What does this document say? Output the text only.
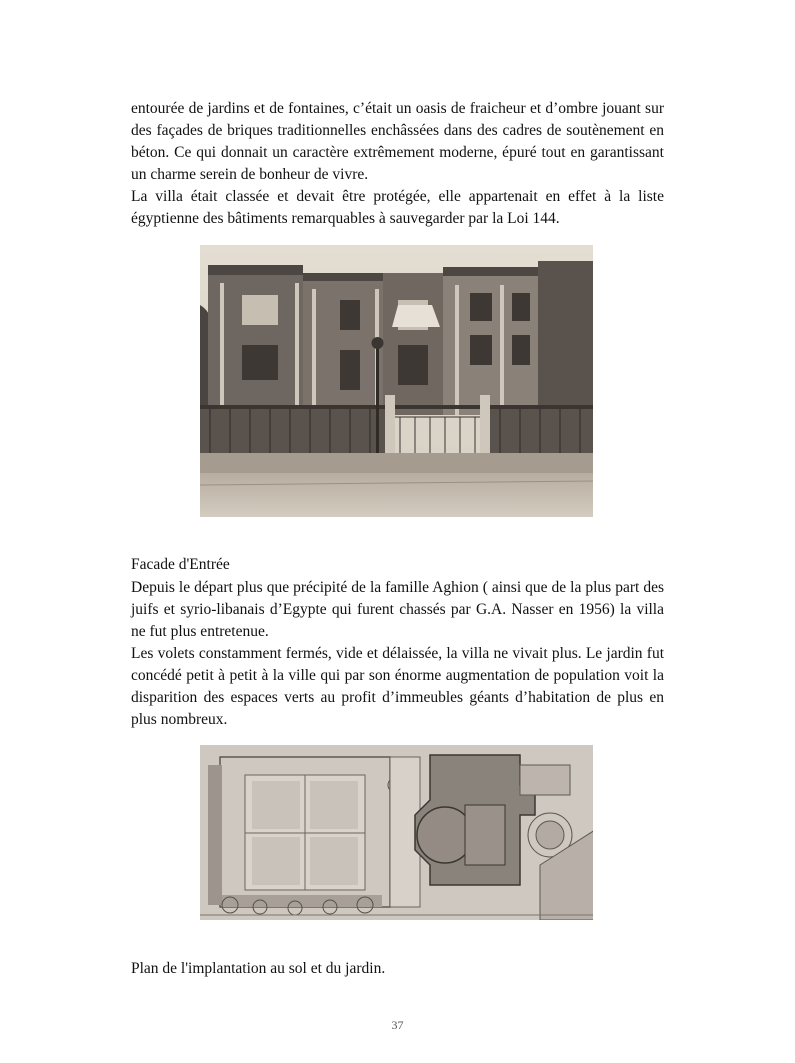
entourée de jardins et de fontaines, c’était un oasis de fraicheur et d’ombre jouant sur des façades de briques traditionnelles enchâssées dans des cadres de soutènement en béton. Ce qui donnait un caractère extrêmement moderne, épuré tout en garantissant un charme serein de bonheur de vivre.

La villa était classée et devait être protégée, elle appartenait en effet à la liste égyptienne des bâtiments remarquables à sauvegarder par la Loi 144.

Facade d'Entrée

Depuis le départ plus que précipité de la famille Aghion ( ainsi que de la plus part des juifs et syrio-libanais d’Egypte qui furent chassés par G.A. Nasser en 1956) la villa ne fut plus entretenue.

Les volets constamment fermés, vide et délaissée, la villa ne vivait plus. Le jardin fut concédé petit à petit à la ville qui par son énorme augmentation de population voit la disparition des espaces verts au profit d’immeubles géants d’habitation de plus en plus nombreux.

Plan de l'implantation au sol et du jardin.

37
